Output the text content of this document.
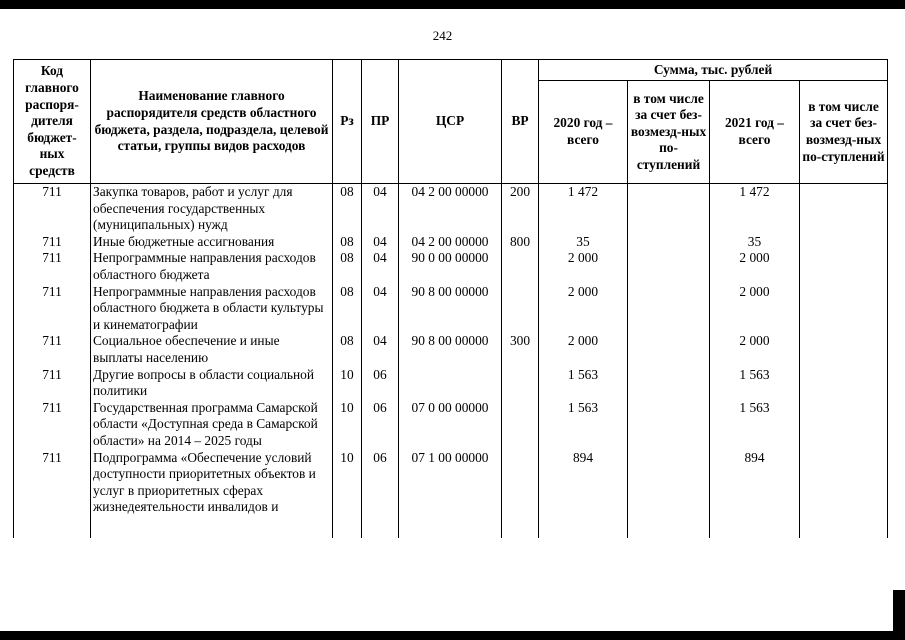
242
Код главного распоря-дителя бюджет-ных средств	Наименование главного распорядителя средств областного бюджета, раздела, подраздела, целевой статьи, группы видов расходов	Рз	ПР	ЦСР	ВР	Сумма, тыс. рублей			
						2020 год – всего	в том числе за счет без-возмезд-ных по-ступлений	2021 год – всего	в том числе за счет без-возмезд-ных по-ступлений
711	Закупка товаров, работ и услуг для обеспечения государственных (муниципальных) нужд	08	04	04 2 00 00000	200	1 472		1 472	
711	Иные бюджетные ассигнования	08	04	04 2 00 00000	800	35		35	
711	Непрограммные направления расходов областного бюджета	08	04	90 0 00 00000		2 000		2 000	
711	Непрограммные направления расходов областного бюджета в области культуры и кинематографии	08	04	90 8 00 00000		2 000		2 000	
711	Социальное обеспечение и иные выплаты населению	08	04	90 8 00 00000	300	2 000		2 000	
711	Другие вопросы в области социальной политики	10	06			1 563		1 563	
711	Государственная программа Самарской области «Доступная среда в Самарской области» на 2014 – 2025 годы	10	06	07 0 00 00000		1 563		1 563	
711	Подпрограмма «Обеспечение условий доступности приоритетных объектов и услуг в приоритетных сферах жизнедеятельности инвалидов и	10	06	07 1 00 00000		894		894	
